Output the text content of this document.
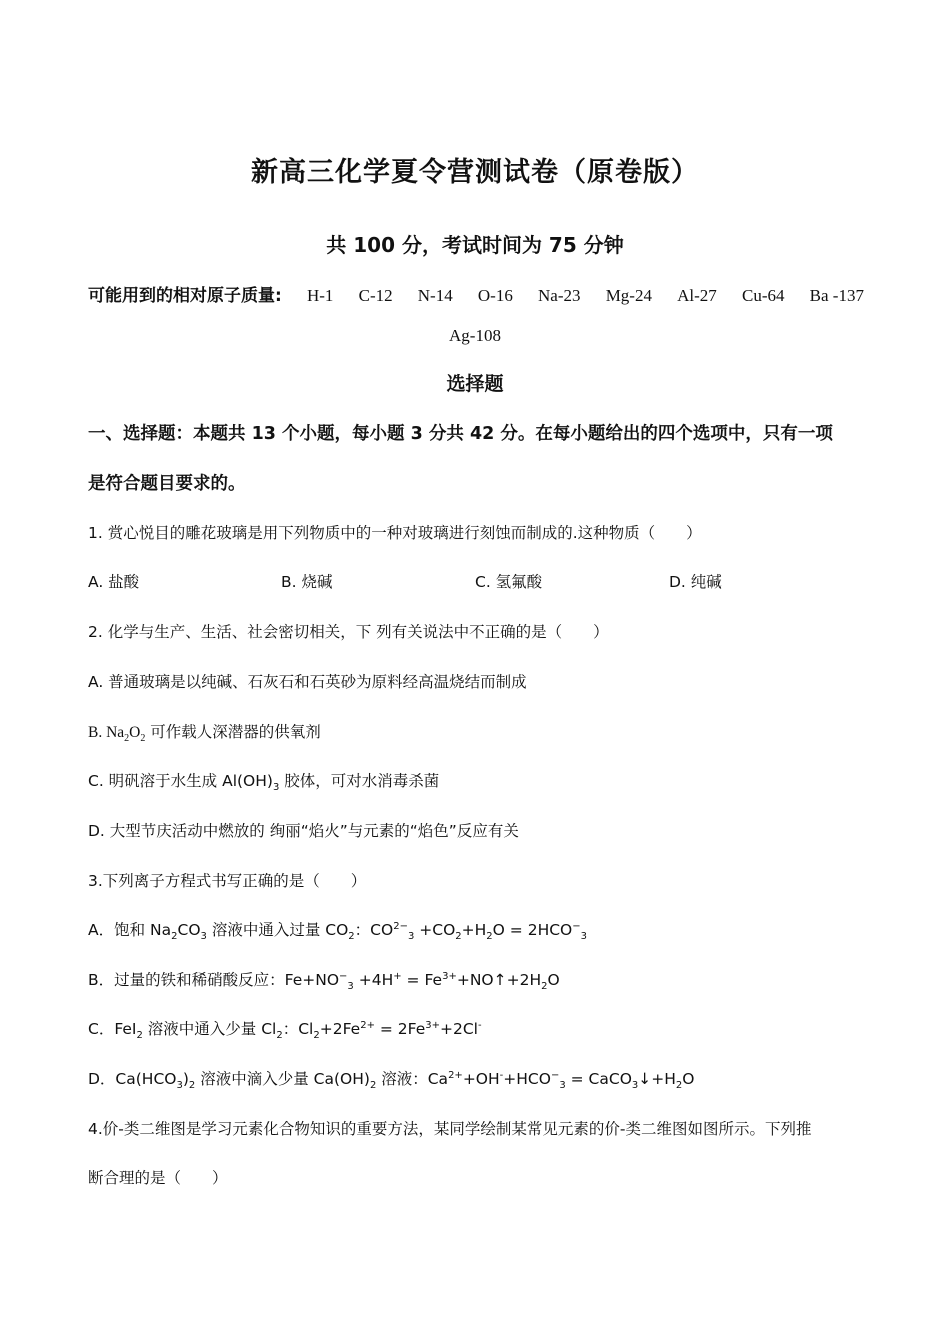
新高三化学夏令营测试卷（原卷版）
共 100 分，考试时间为 75 分钟
可能用到的相对原子质量: H-1 C-12 N-14 O-16 Na-23 Mg-24 Al-27 Cu-64 Ba -137
Ag-108
选择题
一、选择题：本题共 13 个小题，每小题 3 分共 42 分。在每小题给出的四个选项中，只有一项
是符合题目要求的。
1. 赏心悦目的雕花玻璃是用下列物质中的一种对玻璃进行刻蚀而制成的.这种物质（　　）
A. 盐酸	B. 烧碱	C. 氢氟酸	D. 纯碱
2. 化学与生产、生活、社会密切相关，下 列有关说法中不正确的是（　　）
A. 普通玻璃是以纯碱、石灰石和石英砂为原料经高温烧结而制成
B. $Na_2O_2$ 可作载人深潜器的供氧剂
C. 明矾溶于水生成 $Al(OH)_3$ 胶体，可对水消毒杀菌
D. 大型节庆活动中燃放的 绚丽“焰火”与元素的“焰色”反应有关
3.下列离子方程式书写正确的是（　　）
A．饱和 $Na_2CO_3$ 溶液中通入过量 $CO_2$：$CO^{2-}_3 +CO_2+H_2O = 2HCO^-_3$
B．过量的铁和稀硝酸反应：$Fe+NO^-_3 +4H^+$ = $Fe^{3+}+NO↑+2H_2O$
C．FeI$_2$ 溶液中通入少量 $Cl_2$：$Cl_2+2Fe^{2+} = 2Fe^{3+}+2Cl^-$
D．$Ca(HCO_3)_2$ 溶液中滴入少量 $Ca(OH)_2$ 溶液：$Ca^{2+}+OH^-+HCO^-_3$ = $CaCO_3↓+H_2O$
4.价-类二维图是学习元素化合物知识的重要方法，某同学绘制某常见元素的价-类二维图如图所示。下列推
断合理的是（　　）
